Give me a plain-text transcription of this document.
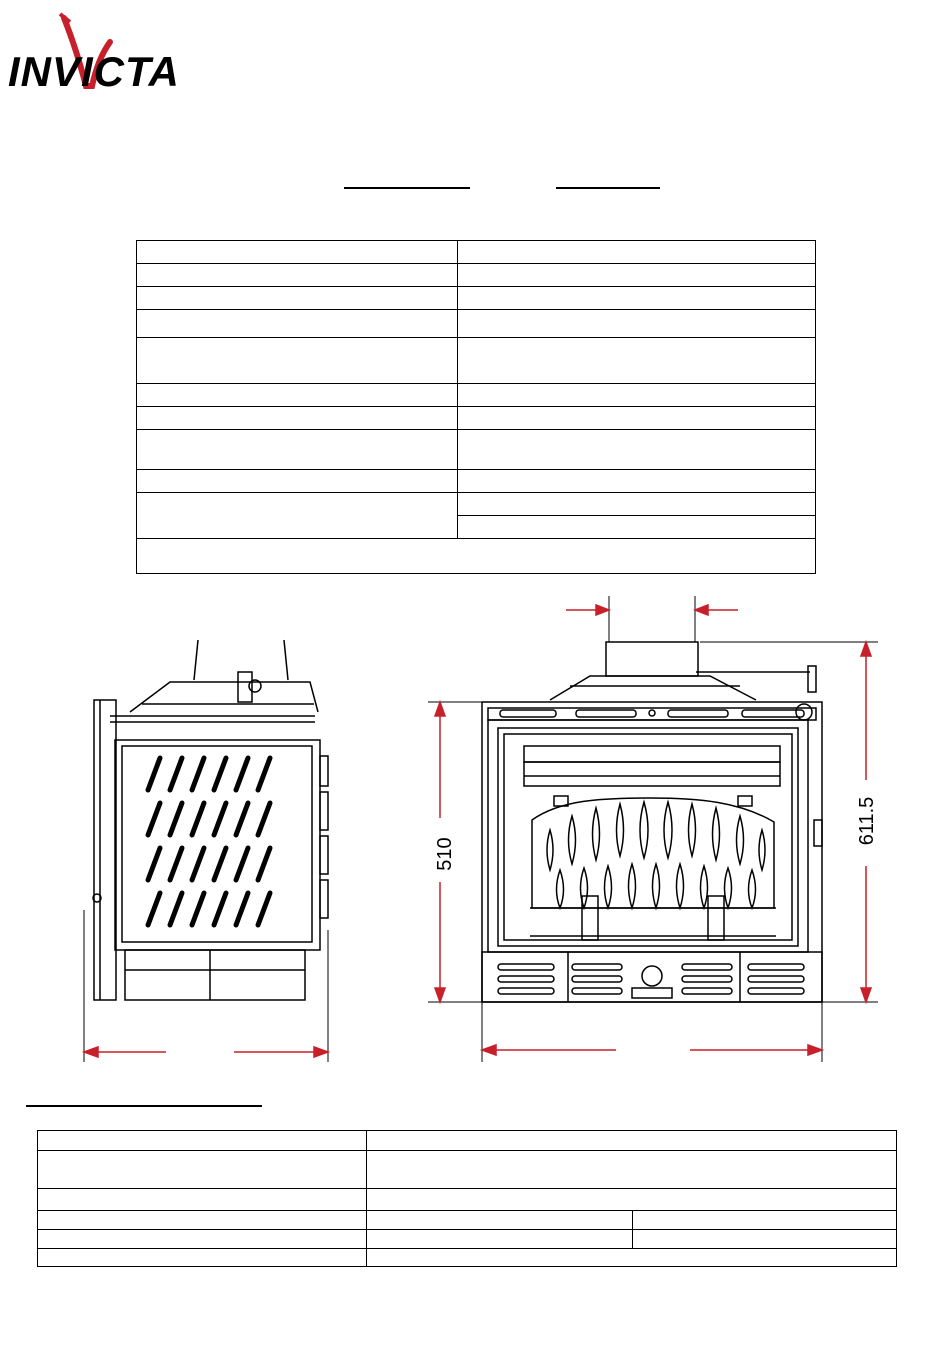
INVICTA

510
611.5
